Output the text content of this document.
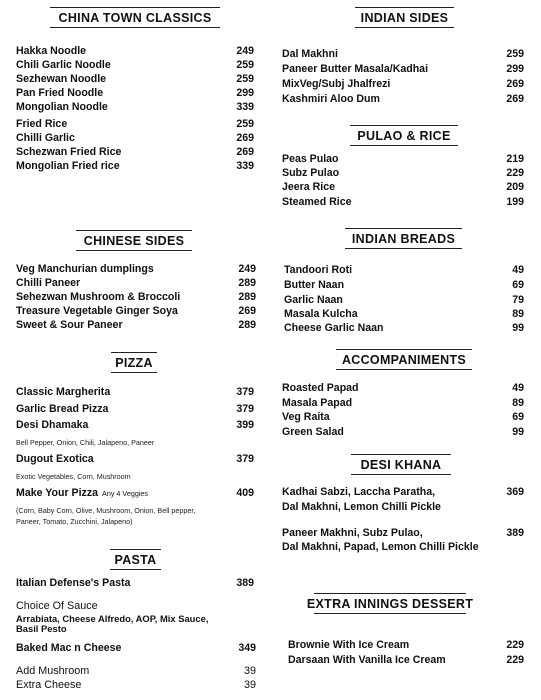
CHINA TOWN CLASSICS
Hakka Noodle	249
Chili Garlic Noodle	259
Sezhewan Noodle	259
Pan Fried Noodle	299
Mongolian Noodle	339
Fried Rice	259
Chilli Garlic	269
Schezwan Fried Rice	269
Mongolian Fried rice	339
CHINESE SIDES
Veg Manchurian dumplings	249
Chilli Paneer	289
Sehezwan Mushroom & Broccoli	289
Treasure Vegetable Ginger Soya	269
Sweet & Sour Paneer	289
PIZZA
Classic Margherita	379
Garlic Bread Pizza	379
Desi Dhamaka	399
Bell Pepper, Onion, Chili, Jalapeno, Paneer
Dugout Exotica	379
Exotic Vegetables, Corn, Mushroom
Make Your Pizza Any 4 Veggies	409
(Corn, Baby Corn, Olive, Mushroom, Onion, Bell pepper,
Paneer, Tomato, Zucchini, Jalapeno)
PASTA
Italian Defense's Pasta	389
Choice Of Sauce
Arrabiata, Cheese Alfredo, AOP, Mix Sauce,
Basil Pesto
Baked Mac n Cheese	349
Add Mushroom	39
Extra Cheese	39
INDIAN SIDES
Dal Makhni	259
Paneer Butter Masala/Kadhai	299
MixVeg/Subj Jhalfrezi	269
Kashmiri Aloo Dum	269
PULAO & RICE
Peas Pulao	219
Subz Pulao	229
Jeera Rice	209
Steamed Rice	199
INDIAN BREADS
Tandoori Roti	49
Butter Naan	69
Garlic Naan	79
Masala Kulcha	89
Cheese Garlic Naan	99
ACCOMPANIMENTS
Roasted Papad	49
Masala Papad	89
Veg Raita	69
Green Salad	99
DESI KHANA
Kadhai Sabzi, Laccha Paratha,	369
Dal Makhni, Lemon Chilli Pickle
Paneer Makhni, Subz Pulao,	389
Dal Makhni, Papad, Lemon Chilli Pickle
EXTRA INNINGS DESSERT
Brownie With Ice Cream	229
Darsaan With Vanilla Ice Cream	229
